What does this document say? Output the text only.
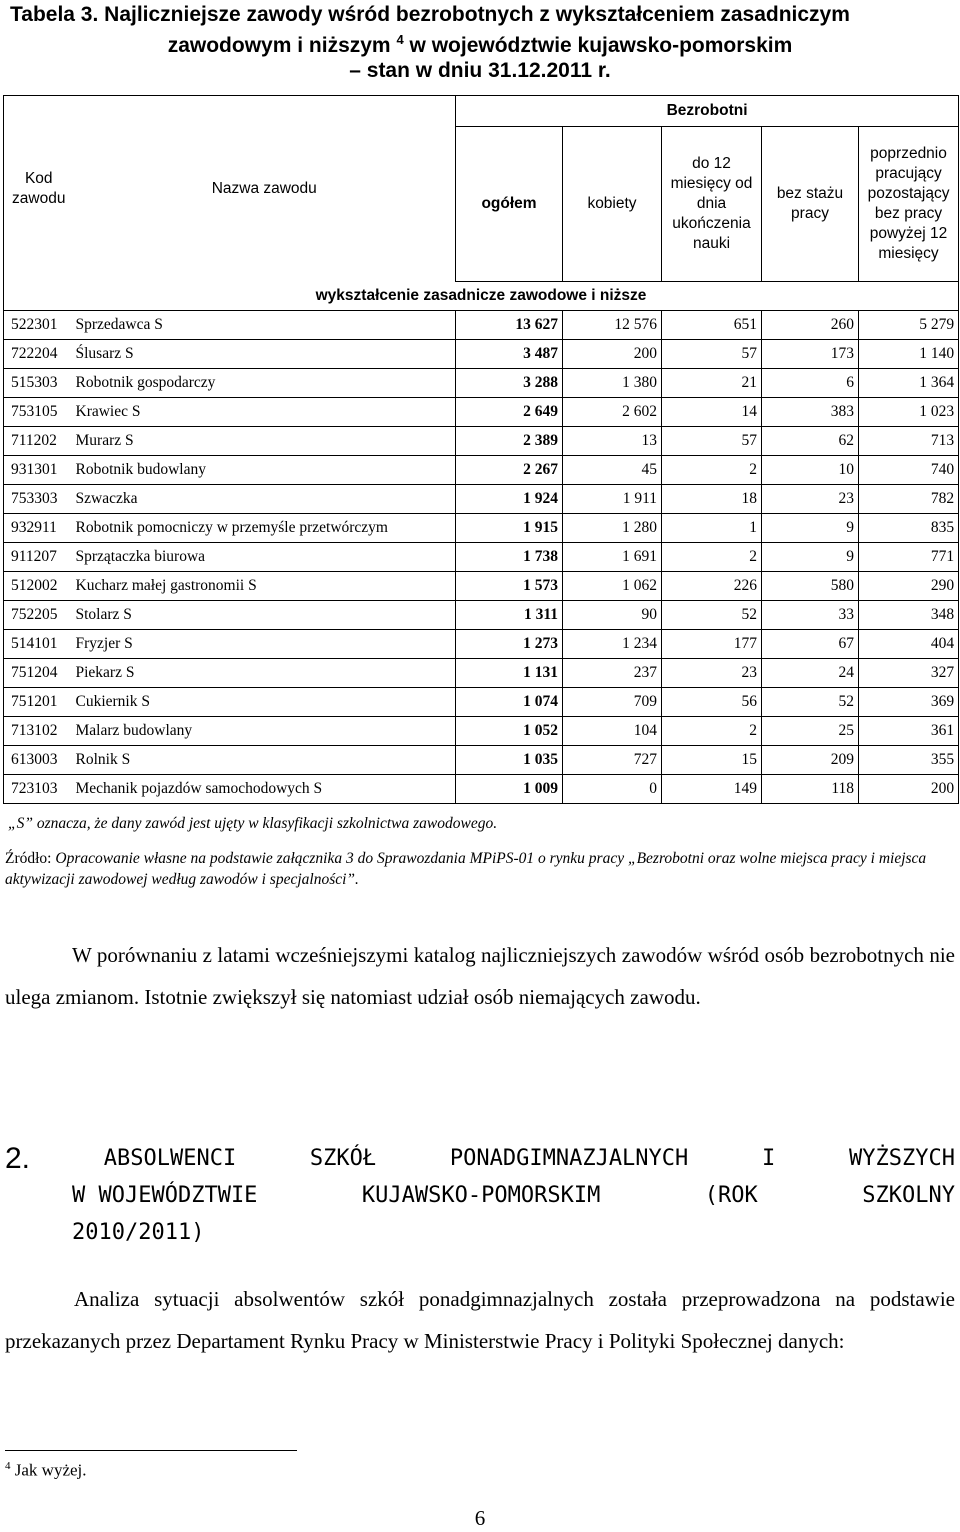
Tabela 3. Najliczniejsze zawody wśród bezrobotnych z wykształceniem zasadniczym
zawodowym i niższym $^4$ w województwie kujawsko-pomorskim
– stan w dniu 31.12.2011 r.
Kod zawodu	Nazwa zawodu	Bezrobotni				
		ogółem	kobiety	do 12 miesięcy od dnia ukończenia nauki	bez stażu pracy	poprzednio pracujący pozostający bez pracy powyżej 12 miesięcy
wykształcenie zasadnicze zawodowe i niższe						
522301	Sprzedawca S	13 627	12 576	651	260	5 279
722204	Ślusarz S	3 487	200	57	173	1 140
515303	Robotnik gospodarczy	3 288	1 380	21	6	1 364
753105	Krawiec S	2 649	2 602	14	383	1 023
711202	Murarz S	2 389	13	57	62	713
931301	Robotnik budowlany	2 267	45	2	10	740
753303	Szwaczka	1 924	1 911	18	23	782
932911	Robotnik pomocniczy w przemyśle przetwórczym	1 915	1 280	1	9	835
911207	Sprzątaczka biurowa	1 738	1 691	2	9	771
512002	Kucharz małej gastronomii S	1 573	1 062	226	580	290
752205	Stolarz S	1 311	90	52	33	348
514101	Fryzjer S	1 273	1 234	177	67	404
751204	Piekarz S	1 131	237	23	24	327
751201	Cukiernik S	1 074	709	56	52	369
713102	Malarz budowlany	1 052	104	2	25	361
613003	Rolnik S	1 035	727	15	209	355
723103	Mechanik pojazdów samochodowych S	1 009	0	149	118	200
„S” oznacza, że dany zawód jest ujęty w klasyfikacji szkolnictwa zawodowego.
Źródło: Opracowanie własne na podstawie załącznika 3 do Sprawozdania MPiPS-01 o rynku pracy „Bezrobotni oraz wolne miejsca pracy i miejsca aktywizacji zawodowej według zawodów i specjalności”.
W porównaniu z latami wcześniejszymi katalog najliczniejszych zawodów wśród osób bezrobotnych nie ulega zmianom. Istotnie zwiększył się natomiast udział osób niemających zawodu.
2.	ABSOLWENCI	SZKÓŁ	PONADGIMNAZJALNYCH	I	WYŻSZYCH
W WOJEWÓDZTWIE	KUJAWSKO-POMORSKIM	(ROK	SZKOLNY
2010/2011)
Analiza sytuacji absolwentów szkół ponadgimnazjalnych została przeprowadzona na podstawie przekazanych przez Departament Rynku Pracy w Ministerstwie Pracy i Polityki Społecznej danych:
$^4$ Jak wyżej.
6
